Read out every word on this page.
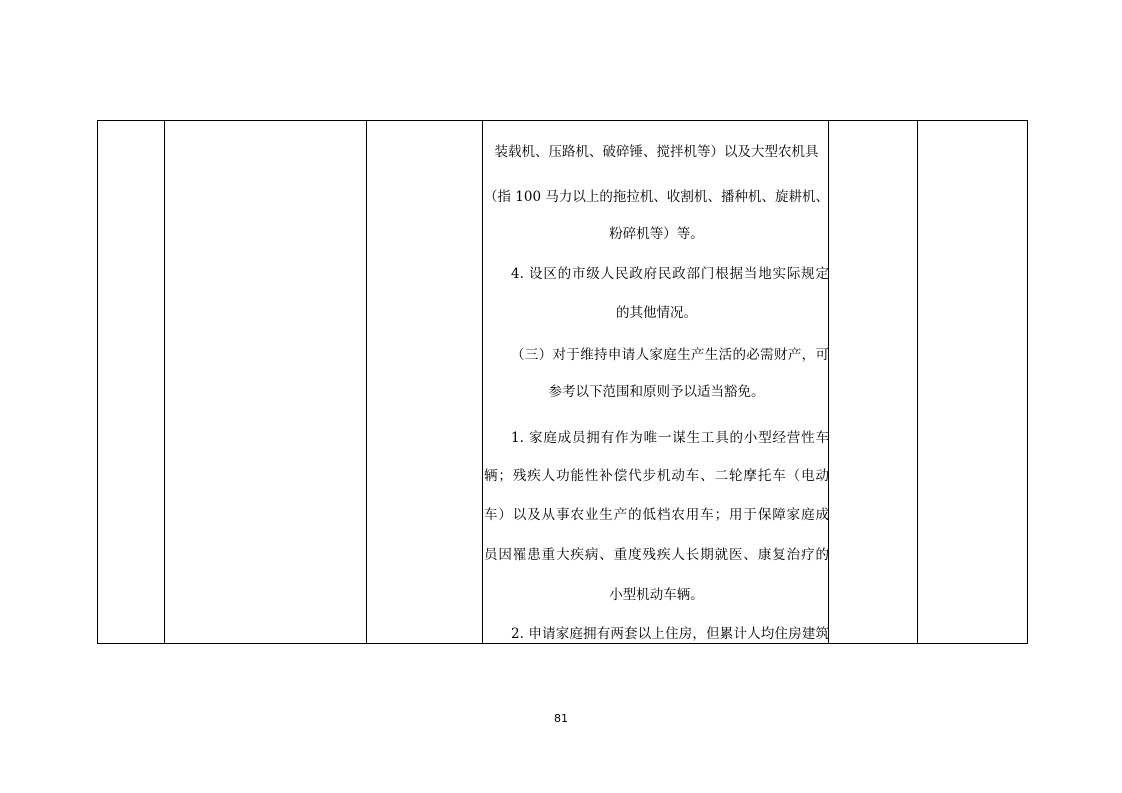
装载机、压路机、破碎锤、搅拌机等）以及大型农机具
（指 100 马力以上的拖拉机、收割机、播种机、旋耕机、
粉碎机等）等。
4. 设区的市级人民政府民政部门根据当地实际规定
的其他情况。
（三）对于维持申请人家庭生产生活的必需财产，可
参考以下范围和原则予以适当豁免。
1. 家庭成员拥有作为唯一谋生工具的小型经营性车
辆；残疾人功能性补偿代步机动车、二轮摩托车（电动
车）以及从事农业生产的低档农用车；用于保障家庭成
员因罹患重大疾病、重度残疾人长期就医、康复治疗的
小型机动车辆。
2. 申请家庭拥有两套以上住房，但累计人均住房建筑
81
